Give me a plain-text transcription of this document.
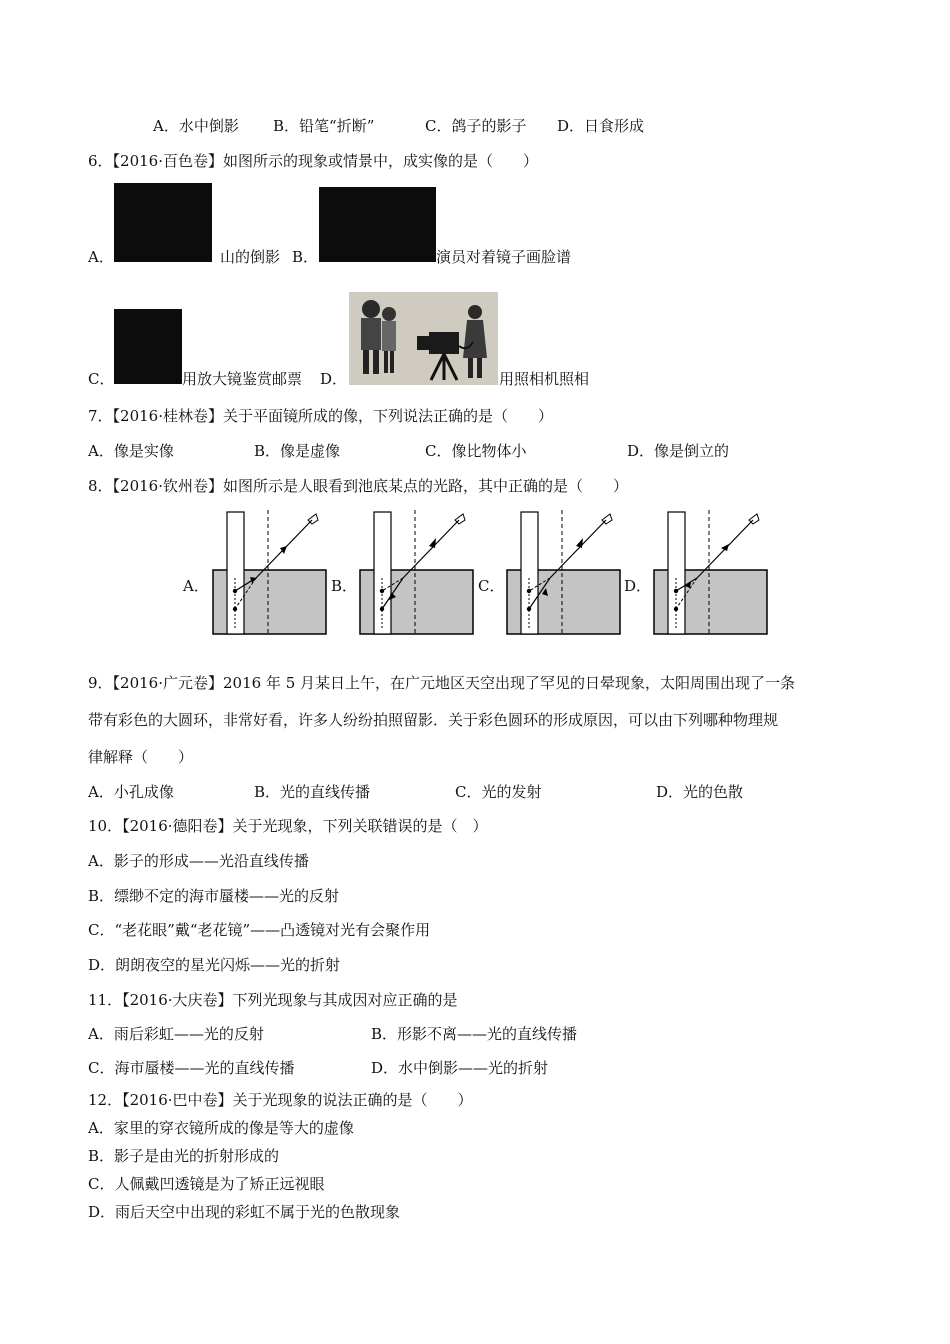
A．水中倒影 B．铅笔“折断”	C．鸽子的影子 D．日食形成
6．【2016·百色卷】如图所示的现象或情景中，成实像的是（　　）
A．	山的倒影 B．	演员对着镜子画脸谱
C．	用放大镜鉴赏邮票 D．	用照相机照相
7．【2016·桂林卷】关于平面镜所成的像，下列说法正确的是（　　）
A．像是实像	B．像是虚像	C．像比物体小	D．像是倒立的
8．【2016·钦州卷】如图所示是人眼看到池底某点的光路，其中正确的是（　　）
A．	B．	C．	D．
9．【2016·广元卷】2016 年 5 月某日上午，在广元地区天空出现了罕见的日晕现象，太阳周围出现了一条
带有彩色的大圆环，非常好看，许多人纷纷拍照留影．关于彩色圆环的形成原因，可以由下列哪种物理规
律解释（　　）
A．小孔成像	B．光的直线传播	C．光的发射	D．光的色散
10．【2016·德阳卷】关于光现象，下列关联错误的是（　）
A．影子的形成——光沿直线传播
B．缥缈不定的海市蜃楼——光的反射
C．“老花眼”戴“老花镜”——凸透镜对光有会聚作用
D．朗朗夜空的星光闪烁——光的折射
11．【2016·大庆卷】下列光现象与其成因对应正确的是
A．雨后彩虹——光的反射	B．形影不离——光的直线传播
C．海市蜃楼——光的直线传播	D．水中倒影——光的折射
12．【2016·巴中卷】关于光现象的说法正确的是（　　）
A．家里的穿衣镜所成的像是等大的虚像
B．影子是由光的折射形成的
C．人佩戴凹透镜是为了矫正远视眼
D．雨后天空中出现的彩虹不属于光的色散现象
